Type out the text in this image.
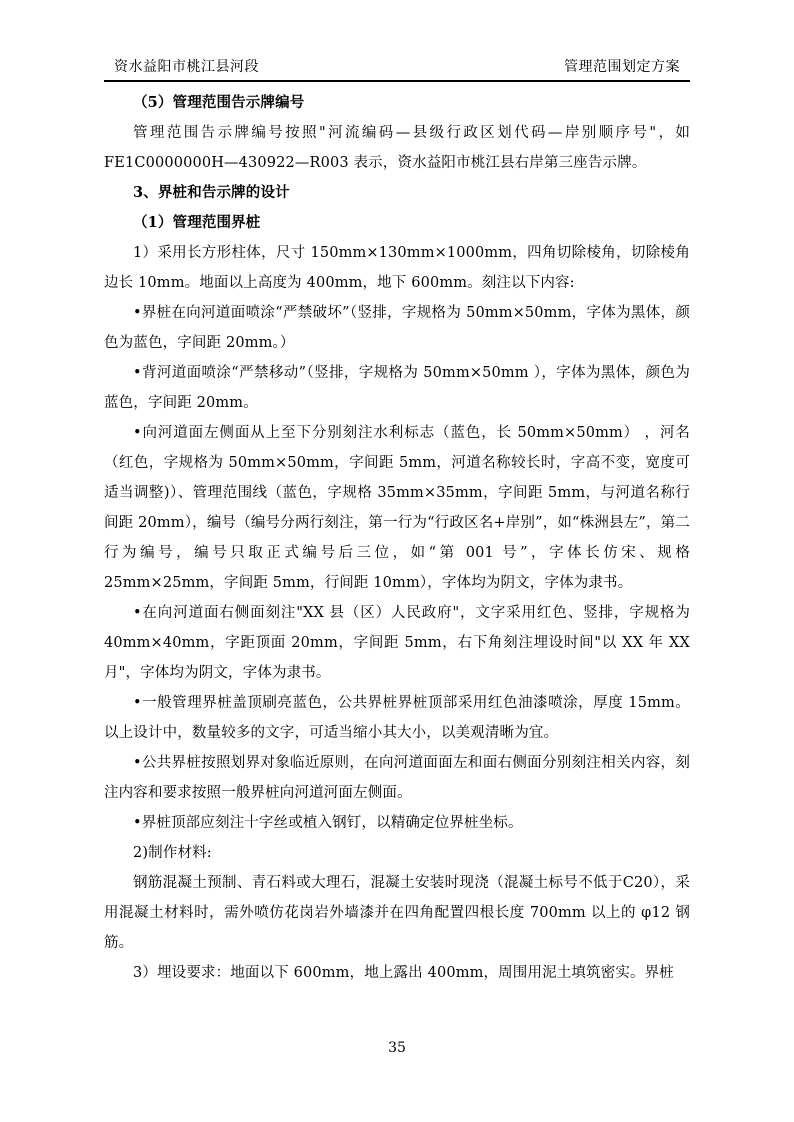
资水益阳市桃江县河段	管理范围划定方案

（5）管理范围告示牌编号

管理范围告示牌编号按照"河流编码—县级行政区划代码—岸别顺序号"，如FE1C0000000H—430922—R003 表示，资水益阳市桃江县右岸第三座告示牌。

3、界桩和告示牌的设计

（1）管理范围界桩

1）采用长方形柱体，尺寸 150mm×130mm×1000mm，四角切除棱角，切除棱角边长 10mm。地面以上高度为 400mm，地下 600mm。刻注以下内容:

•界桩在向河道面喷涂“严禁破坏”（竖排，字规格为 50mm×50mm，字体为黑体，颜色为蓝色，字间距 20mm。）

•背河道面喷涂“严禁移动”（竖排，字规格为 50mm×50mm ），字体为黑体，颜色为蓝色，字间距 20mm。

•向河道面左侧面从上至下分别刻注水利标志（蓝色，长 50mm×50mm） ，河名（红色，字规格为 50mm×50mm，字间距 5mm，河道名称较长时，字高不变，宽度可适当调整)）、管理范围线（蓝色，字规格 35mm×35mm，字间距 5mm，与河道名称行间距 20mm），编号（编号分两行刻注，第一行为“行政区名+岸别”，如“株洲县左”，第二行为编号，编号只取正式编号后三位，如“第 001 号”，字体长仿宋、规格 25mm×25mm，字间距 5mm，行间距 10mm），字体均为阴文，字体为隶书。

•在向河道面右侧面刻注"XX 县（区）人民政府"，文字采用红色、竖排，字规格为 40mm×40mm，字距顶面 20mm，字间距 5mm，右下角刻注埋设时间"以 XX 年 XX月"，字体均为阴文，字体为隶书。

•一般管理界桩盖顶刷亮蓝色，公共界桩界桩顶部采用红色油漆喷涂，厚度 15mm。以上设计中，数量较多的文字，可适当缩小其大小，以美观清晰为宜。

•公共界桩按照划界对象临近原则，在向河道面面左和面右侧面分别刻注相关内容，刻注内容和要求按照一般界桩向河道河面左侧面。

•界桩顶部应刻注十字丝或植入钢钉，以精确定位界桩坐标。

2)制作材料:

钢筋混凝土预制、青石料或大理石，混凝土安装时现浇（混凝土标号不低于C20），采用混凝土材料时，需外喷仿花岗岩外墙漆并在四角配置四根长度 700mm 以上的 φ12 钢筋。

3）埋设要求：地面以下 600mm，地上露出 400mm，周围用泥土填筑密实。界桩

35
